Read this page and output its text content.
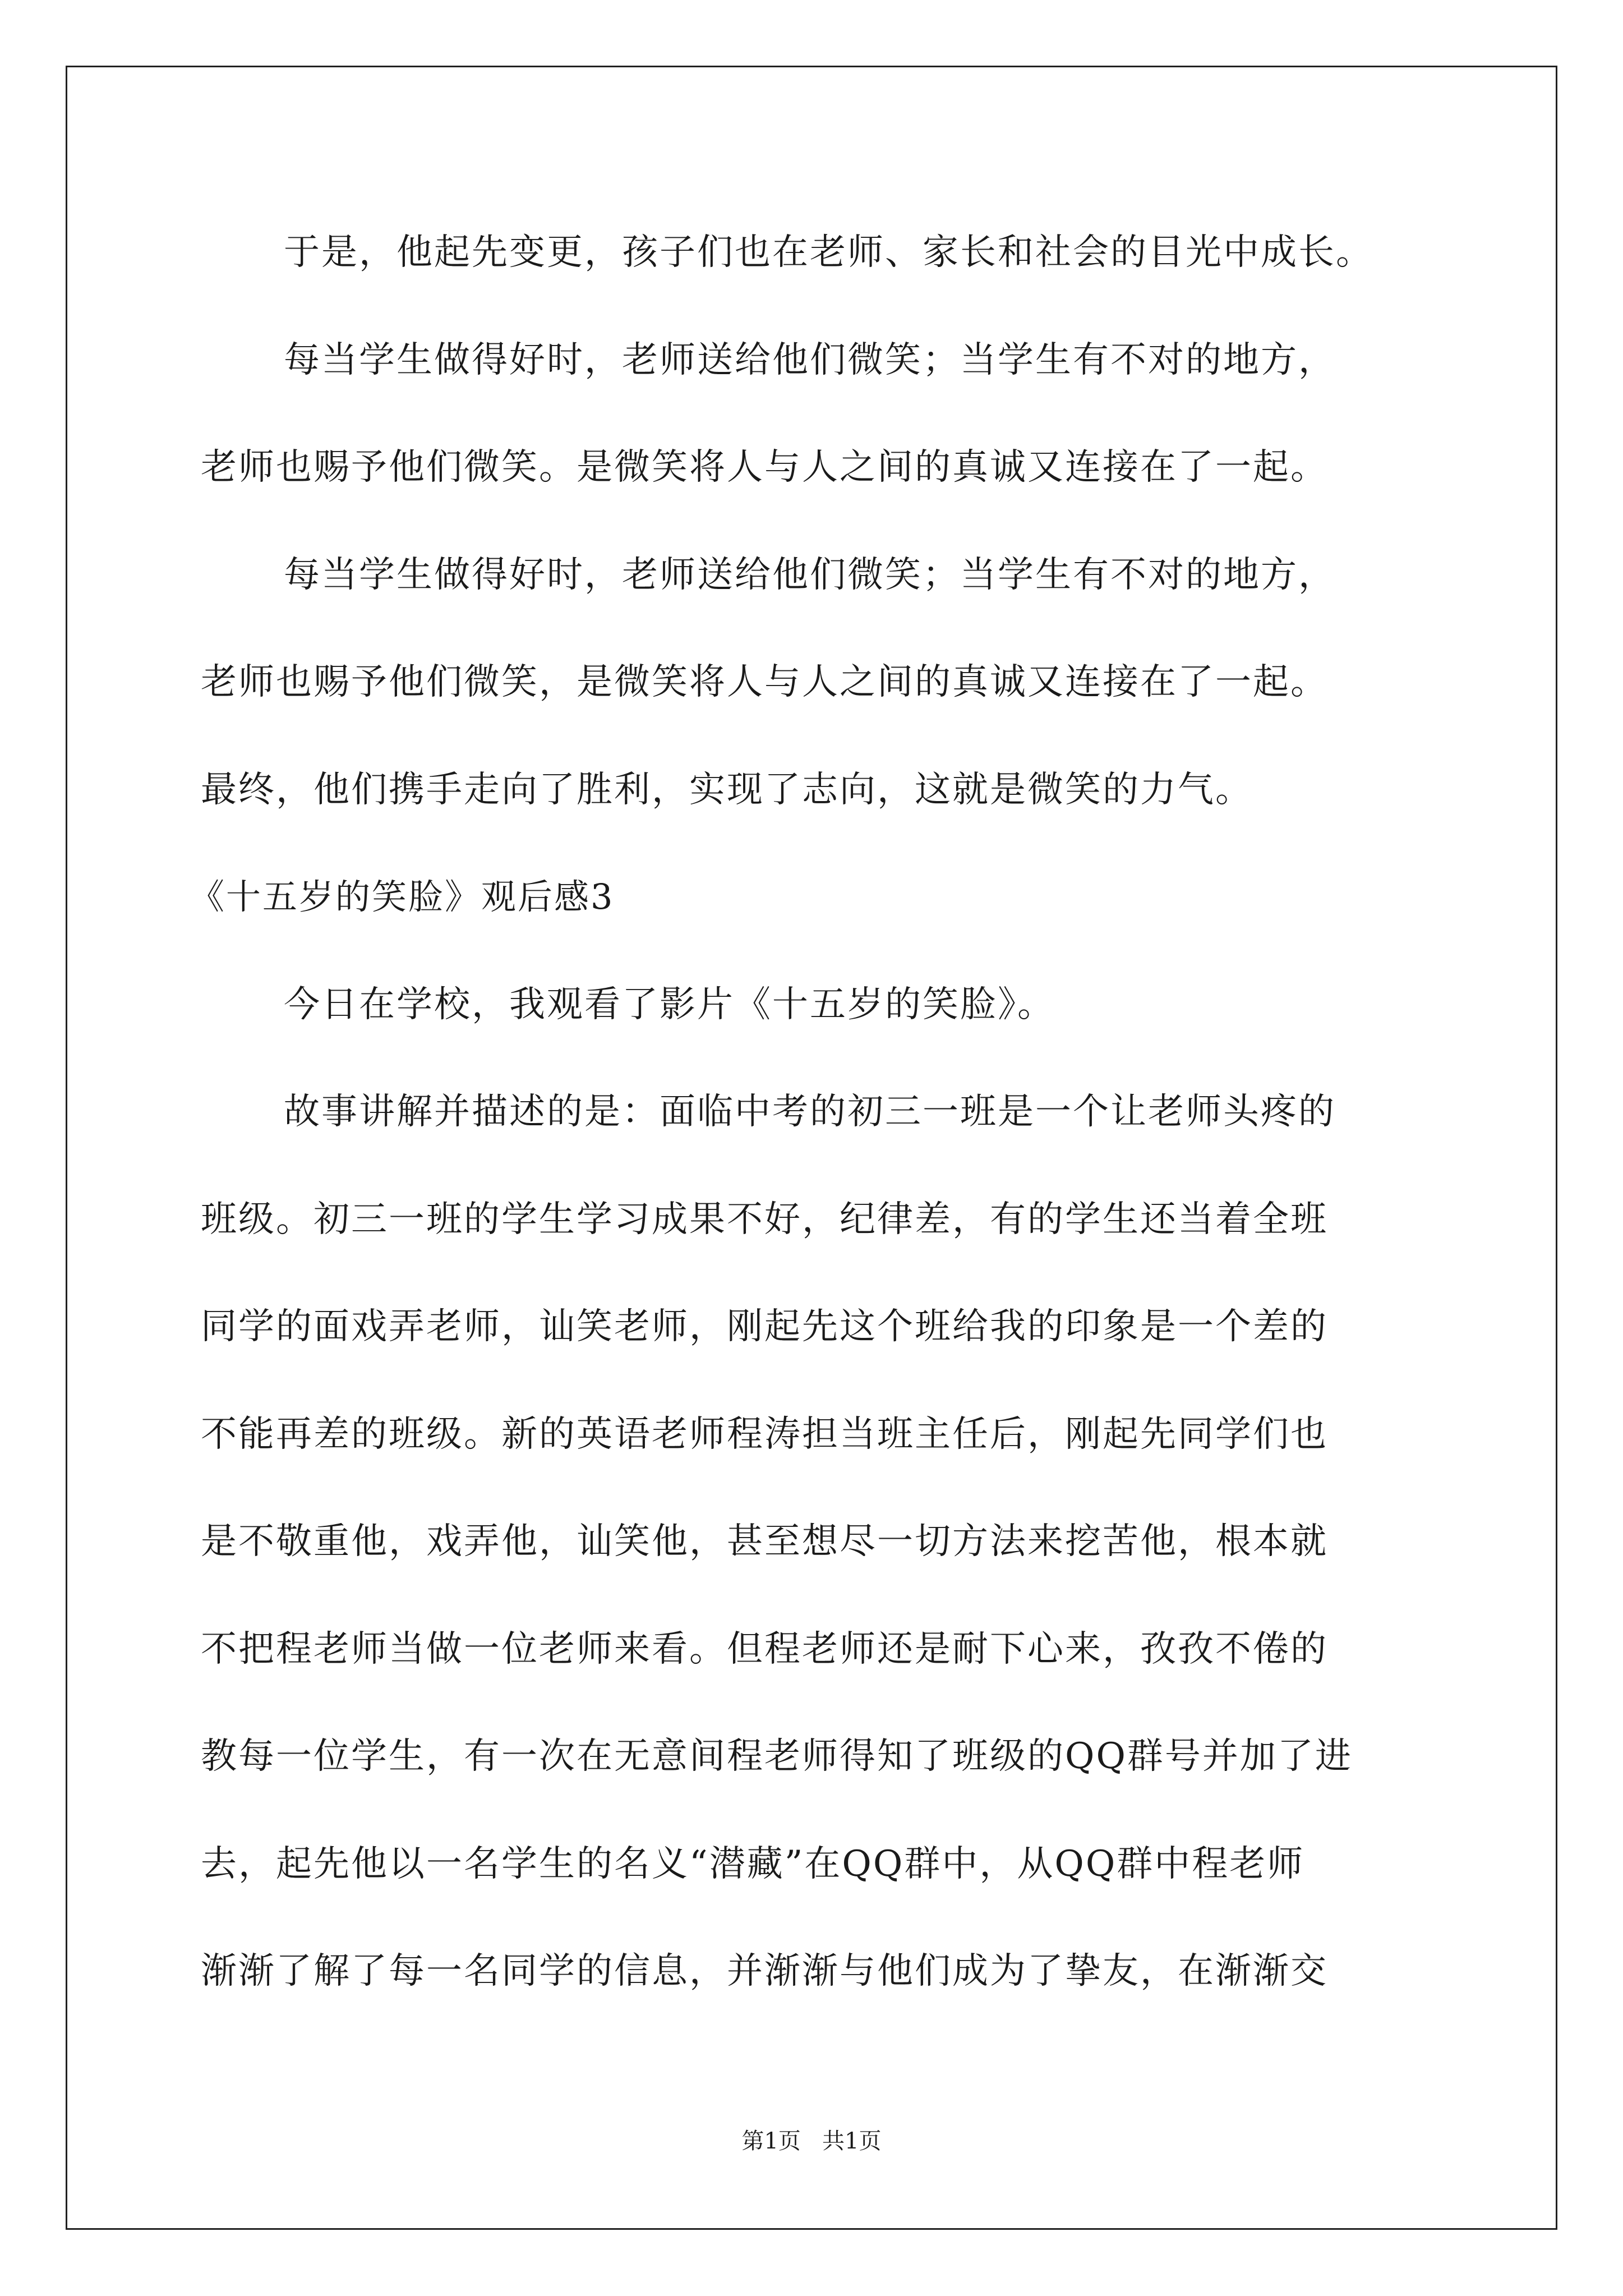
于是，他起先变更，孩子们也在老师、家长和社会的目光中成长。
每当学生做得好时，老师送给他们微笑；当学生有不对的地方，
老师也赐予他们微笑。是微笑将人与人之间的真诚又连接在了一起。
每当学生做得好时，老师送给他们微笑；当学生有不对的地方，
老师也赐予他们微笑，是微笑将人与人之间的真诚又连接在了一起。
最终，他们携手走向了胜利，实现了志向，这就是微笑的力气。
《十五岁的笑脸》观后感3
今日在学校，我观看了影片《十五岁的笑脸》。
故事讲解并描述的是：面临中考的初三一班是一个让老师头疼的
班级。初三一班的学生学习成果不好，纪律差，有的学生还当着全班
同学的面戏弄老师，讪笑老师，刚起先这个班给我的印象是一个差的
不能再差的班级。新的英语老师程涛担当班主任后，刚起先同学们也
是不敬重他，戏弄他，讪笑他，甚至想尽一切方法来挖苦他，根本就
不把程老师当做一位老师来看。但程老师还是耐下心来，孜孜不倦的
教每一位学生，有一次在无意间程老师得知了班级的QQ群号并加了进
去，起先他以一名学生的名义“潜藏”在QQ群中，从QQ群中程老师
渐渐了解了每一名同学的信息，并渐渐与他们成为了挚友，在渐渐交
第1页   共1页
